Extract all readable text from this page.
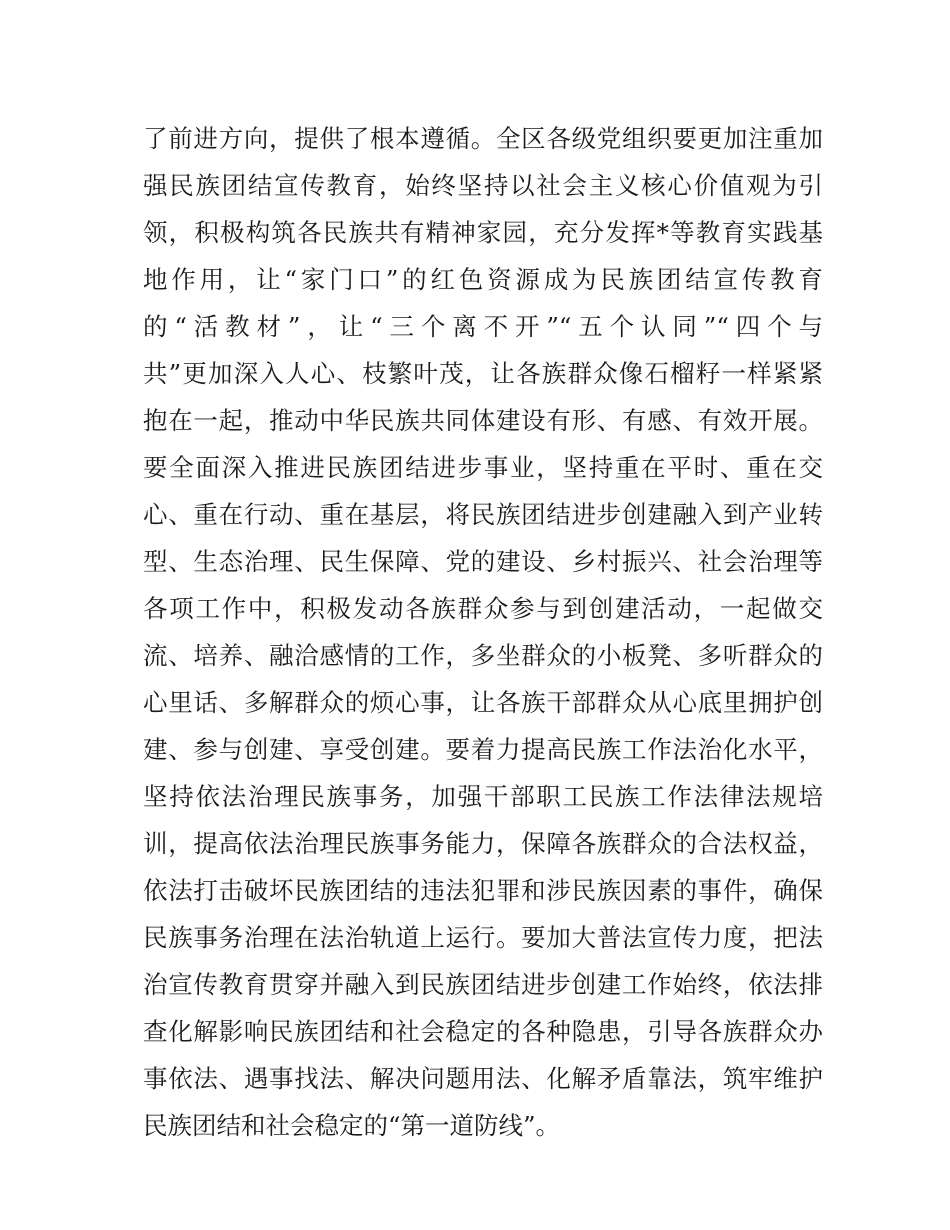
了前进方向，提供了根本遵循。全区各级党组织要更加注重加
强民族团结宣传教育，始终坚持以社会主义核心价值观为引
领，积极构筑各民族共有精神家园，充分发挥*等教育实践基
地作用，让“家门口”的红色资源成为民族团结宣传教育
的“活教材”，让“三个离不开”“五个认同”“四个与
共”更加深入人心、枝繁叶茂，让各族群众像石榴籽一样紧紧
抱在一起，推动中华民族共同体建设有形、有感、有效开展。
要全面深入推进民族团结进步事业，坚持重在平时、重在交
心、重在行动、重在基层，将民族团结进步创建融入到产业转
型、生态治理、民生保障、党的建设、乡村振兴、社会治理等
各项工作中，积极发动各族群众参与到创建活动，一起做交
流、培养、融洽感情的工作，多坐群众的小板凳、多听群众的
心里话、多解群众的烦心事，让各族干部群众从心底里拥护创
建、参与创建、享受创建。要着力提高民族工作法治化水平，
坚持依法治理民族事务，加强干部职工民族工作法律法规培
训，提高依法治理民族事务能力，保障各族群众的合法权益，
依法打击破坏民族团结的违法犯罪和涉民族因素的事件，确保
民族事务治理在法治轨道上运行。要加大普法宣传力度，把法
治宣传教育贯穿并融入到民族团结进步创建工作始终，依法排
查化解影响民族团结和社会稳定的各种隐患，引导各族群众办
事依法、遇事找法、解决问题用法、化解矛盾靠法，筑牢维护
民族团结和社会稳定的“第一道防线”。
